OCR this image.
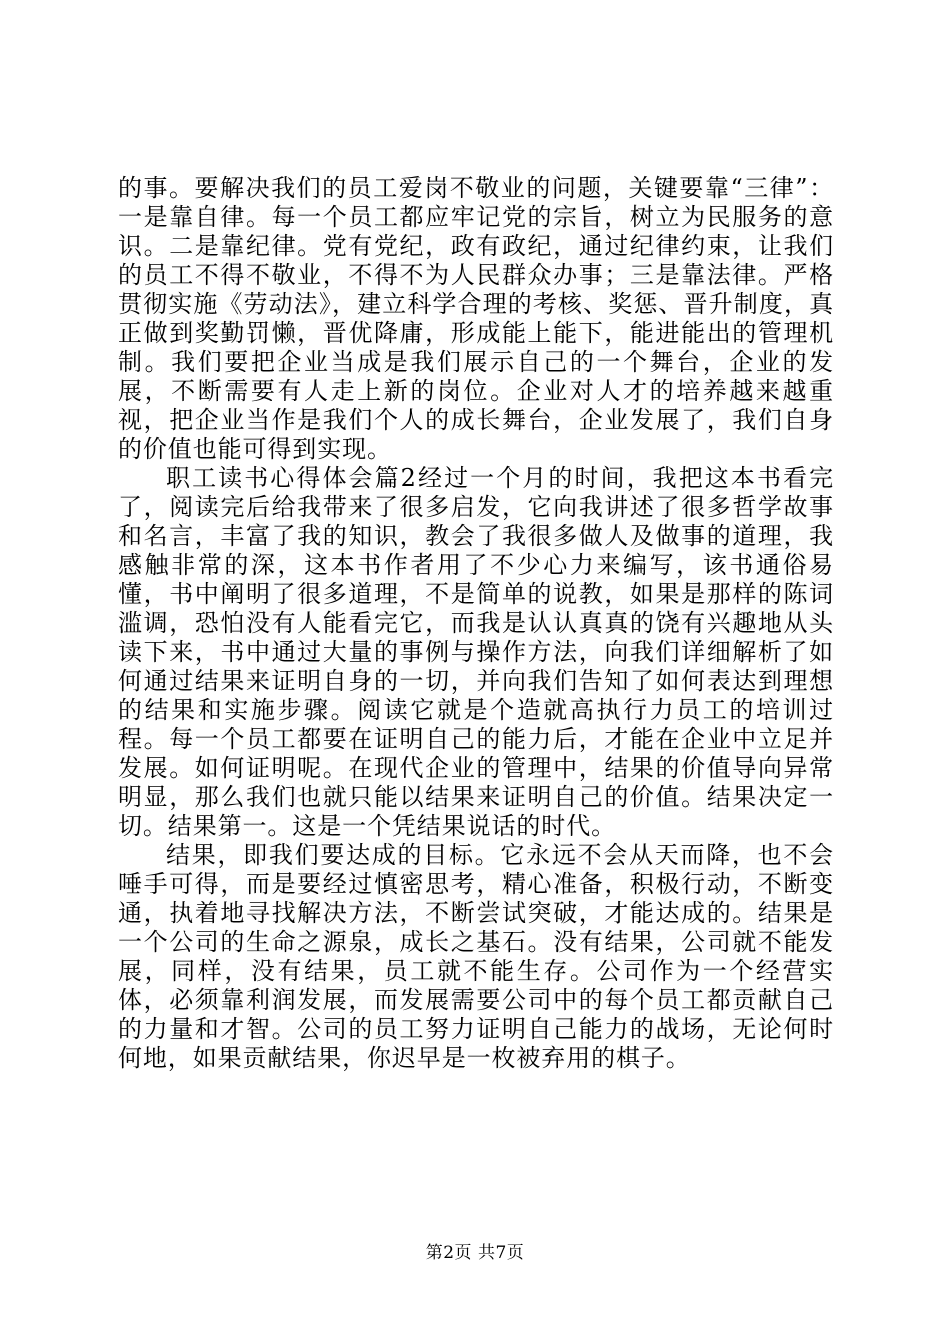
的事。要解决我们的员工爱岗不敬业的问题，关键要靠“三律”：一是靠自律。每一个员工都应牢记党的宗旨，树立为民服务的意识。二是靠纪律。党有党纪，政有政纪，通过纪律约束，让我们的员工不得不敬业，不得不为人民群众办事；三是靠法律。严格贯彻实施《劳动法》，建立科学合理的考核、奖惩、晋升制度，真正做到奖勤罚懒，晋优降庸，形成能上能下，能进能出的管理机制。我们要把企业当成是我们展示自己的一个舞台，企业的发展，不断需要有人走上新的岗位。企业对人才的培养越来越重视，把企业当作是我们个人的成长舞台，企业发展了，我们自身的价值也能可得到实现。

职工读书心得体会篇2经过一个月的时间，我把这本书看完了，阅读完后给我带来了很多启发，它向我讲述了很多哲学故事和名言，丰富了我的知识，教会了我很多做人及做事的道理，我感触非常的深，这本书作者用了不少心力来编写，该书通俗易懂，书中阐明了很多道理，不是简单的说教，如果是那样的陈词滥调，恐怕没有人能看完它，而我是认认真真的饶有兴趣地从头读下来，书中通过大量的事例与操作方法，向我们详细解析了如何通过结果来证明自身的一切，并向我们告知了如何表达到理想的结果和实施步骤。阅读它就是个造就高执行力员工的培训过程。每一个员工都要在证明自己的能力后，才能在企业中立足并发展。如何证明呢。在现代企业的管理中，结果的价值导向异常明显，那么我们也就只能以结果来证明自己的价值。结果决定一切。结果第一。这是一个凭结果说话的时代。

结果，即我们要达成的目标。它永远不会从天而降，也不会唾手可得，而是要经过慎密思考，精心准备，积极行动，不断变通，执着地寻找解决方法，不断尝试突破，才能达成的。结果是一个公司的生命之源泉，成长之基石。没有结果，公司就不能发展，同样，没有结果，员工就不能生存。公司作为一个经营实体，必须靠利润发展，而发展需要公司中的每个员工都贡献自己的力量和才智。公司的员工努力证明自己能力的战场，无论何时何地，如果贡献结果，你迟早是一枚被弃用的棋子。

第2页 共7页
